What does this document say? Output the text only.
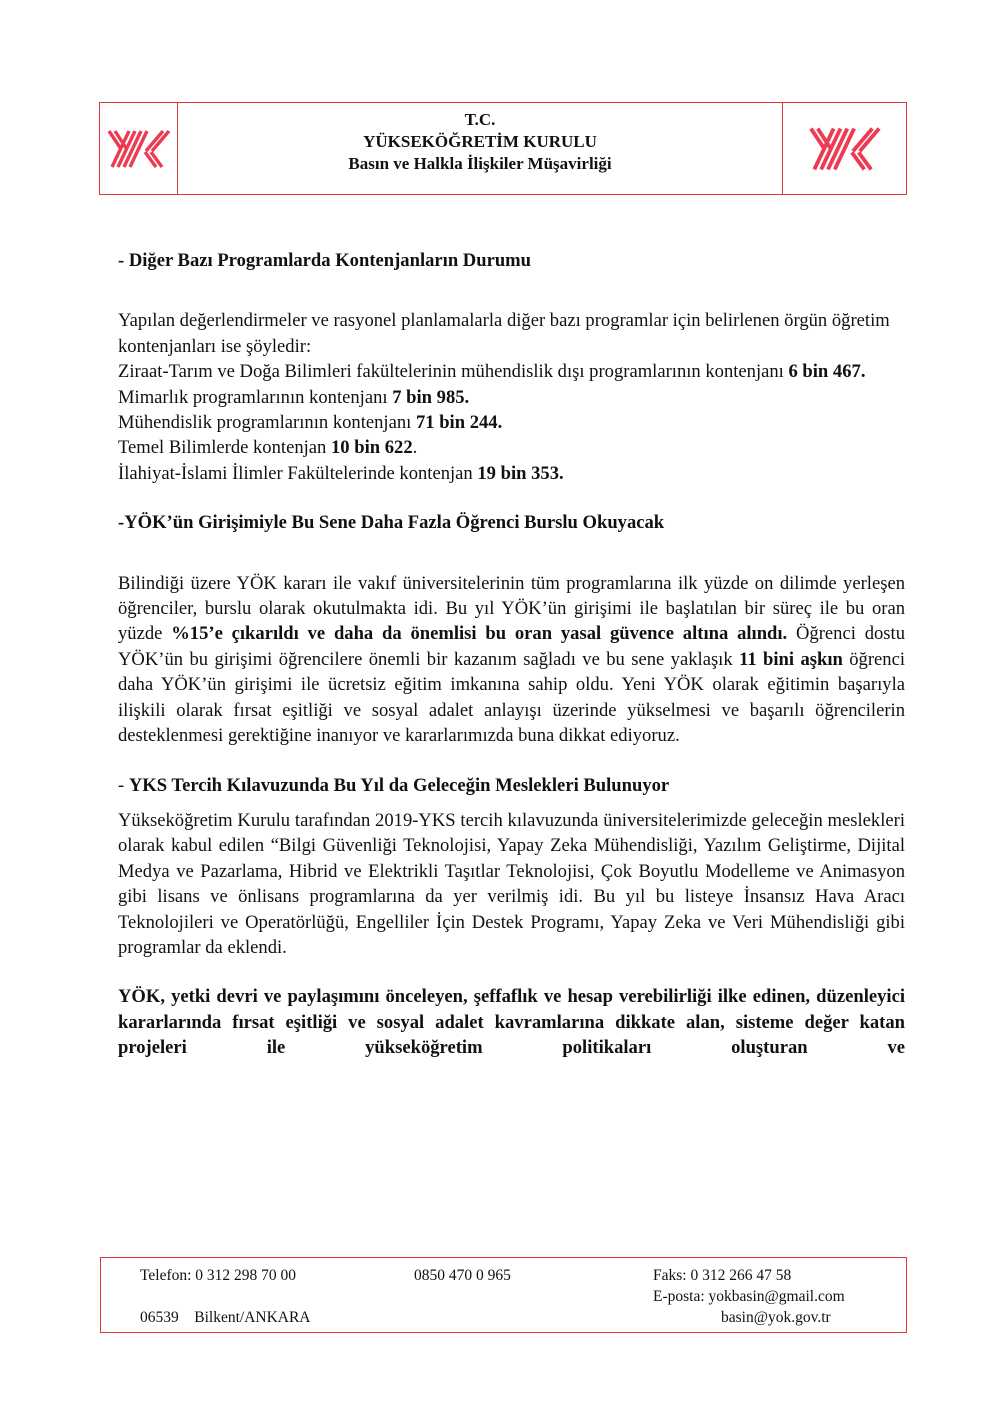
T.C.
YÜKSEKÖĞRETİM KURULU
Basın ve Halkla İlişkiler Müşavirliği
- Diğer Bazı Programlarda Kontenjanların Durumu

Yapılan değerlendirmeler ve rasyonel planlamalarla diğer bazı programlar için belirlenen örgün öğretim kontenjanları ise şöyledir:

Ziraat-Tarım ve Doğa Bilimleri fakültelerinin mühendislik dışı programlarının kontenjanı 6 bin 467.

Mimarlık programlarının kontenjanı 7 bin 985.

Mühendislik programlarının kontenjanı 71 bin 244.

Temel Bilimlerde kontenjan 10 bin 622.

İlahiyat-İslami İlimler Fakültelerinde kontenjan 19 bin 353.

-YÖK’ün Girişimiyle Bu Sene Daha Fazla Öğrenci Burslu Okuyacak

Bilindiği üzere YÖK kararı ile vakıf üniversitelerinin tüm programlarına ilk yüzde on dilimde yerleşen öğrenciler, burslu olarak okutulmakta idi. Bu yıl YÖK’ün girişimi ile başlatılan bir süreç ile bu oran yüzde %15’e çıkarıldı ve daha da önemlisi bu oran yasal güvence altına alındı. Öğrenci dostu YÖK’ün bu girişimi öğrencilere önemli bir kazanım sağladı ve bu sene yaklaşık 11 bini aşkın öğrenci daha YÖK’ün girişimi ile ücretsiz eğitim imkanına sahip oldu. Yeni YÖK olarak eğitimin başarıyla ilişkili olarak fırsat eşitliği ve sosyal adalet anlayışı üzerinde yükselmesi ve başarılı öğrencilerin desteklenmesi gerektiğine inanıyor ve kararlarımızda buna dikkat ediyoruz.

- YKS Tercih Kılavuzunda Bu Yıl da Geleceğin Meslekleri Bulunuyor

Yükseköğretim Kurulu tarafından 2019-YKS tercih kılavuzunda üniversitelerimizde geleceğin meslekleri olarak kabul edilen “Bilgi Güvenliği Teknolojisi, Yapay Zeka Mühendisliği, Yazılım Geliştirme, Dijital Medya ve Pazarlama, Hibrid ve Elektrikli Taşıtlar Teknolojisi, Çok Boyutlu Modelleme ve Animasyon gibi lisans ve önlisans programlarına da yer verilmiş idi. Bu yıl bu listeye İnsansız Hava Aracı Teknolojileri ve Operatörlüğü, Engelliler İçin Destek Programı, Yapay Zeka ve Veri Mühendisliği gibi programlar da eklendi.

YÖK, yetki devri ve paylaşımını önceleyen, şeffaflık ve hesap verebilirliği ilke edinen, düzenleyici kararlarında fırsat eşitliği ve sosyal adalet kavramlarına dikkate alan, sisteme değer katan projeleri ile yükseköğretim politikaları oluşturan ve

Telefon: 0 312 298 70 00	0850 470 0 965	Faks: 0 312 266 47 58
E-posta: yokbasin@gmail.com
06539    Bilkent/ANKARA	basin@yok.gov.tr
